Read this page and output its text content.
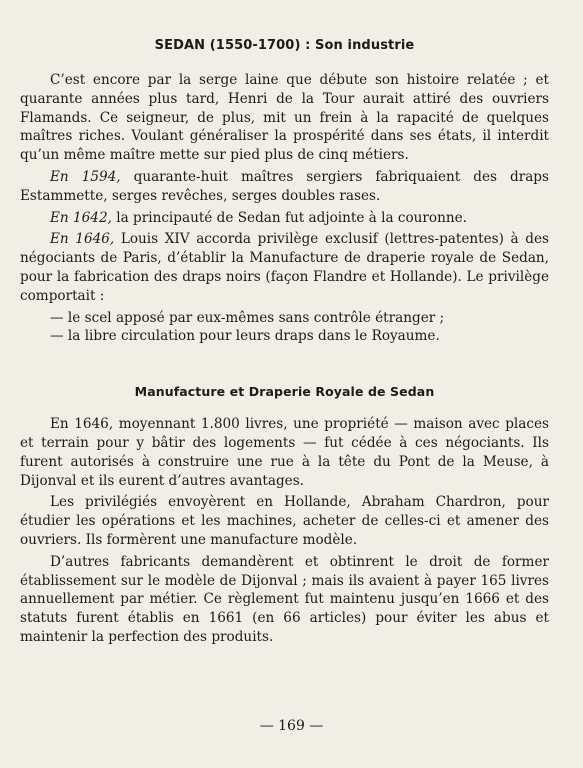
SEDAN (1550-1700) : Son industrie

C’est encore par la serge laine que débute son histoire relatée ; et quarante années plus tard, Henri de la Tour aurait attiré des ouvriers Flamands. Ce seigneur, de plus, mit un frein à la rapacité de quelques maîtres riches. Voulant généraliser la prospérité dans ses états, il interdit qu’un même maître mette sur pied plus de cinq métiers.

En 1594, quarante-huit maîtres sergiers fabriquaient des draps Estammette, serges revêches, serges doubles rases.

En 1642, la principauté de Sedan fut adjointe à la couronne.

En 1646, Louis XIV accorda privilège exclusif (lettres-patentes) à des négociants de Paris, d’établir la Manufacture de draperie royale de Sedan, pour la fabrication des draps noirs (façon Flandre et Hollande). Le privilège comportait :

— le scel apposé par eux-mêmes sans contrôle étranger ;
— la libre circulation pour leurs draps dans le Royaume.
Manufacture et Draperie Royale de Sedan

En 1646, moyennant 1.800 livres, une propriété — maison avec places et terrain pour y bâtir des logements — fut cédée à ces négociants. Ils furent autorisés à construire une rue à la tête du Pont de la Meuse, à Dijonval et ils eurent d’autres avantages.

Les privilégiés envoyèrent en Hollande, Abraham Chardron, pour étudier les opérations et les machines, acheter de celles-ci et amener des ouvriers. Ils formèrent une manufacture modèle.

D’autres fabricants demandèrent et obtinrent le droit de former établissement sur le modèle de Dijonval ; mais ils avaient à payer 165 livres annuellement par métier. Ce règlement fut maintenu jusqu’en 1666 et des statuts furent établis en 1661 (en 66 articles) pour éviter les abus et maintenir la perfection des produits.

— 169 —
